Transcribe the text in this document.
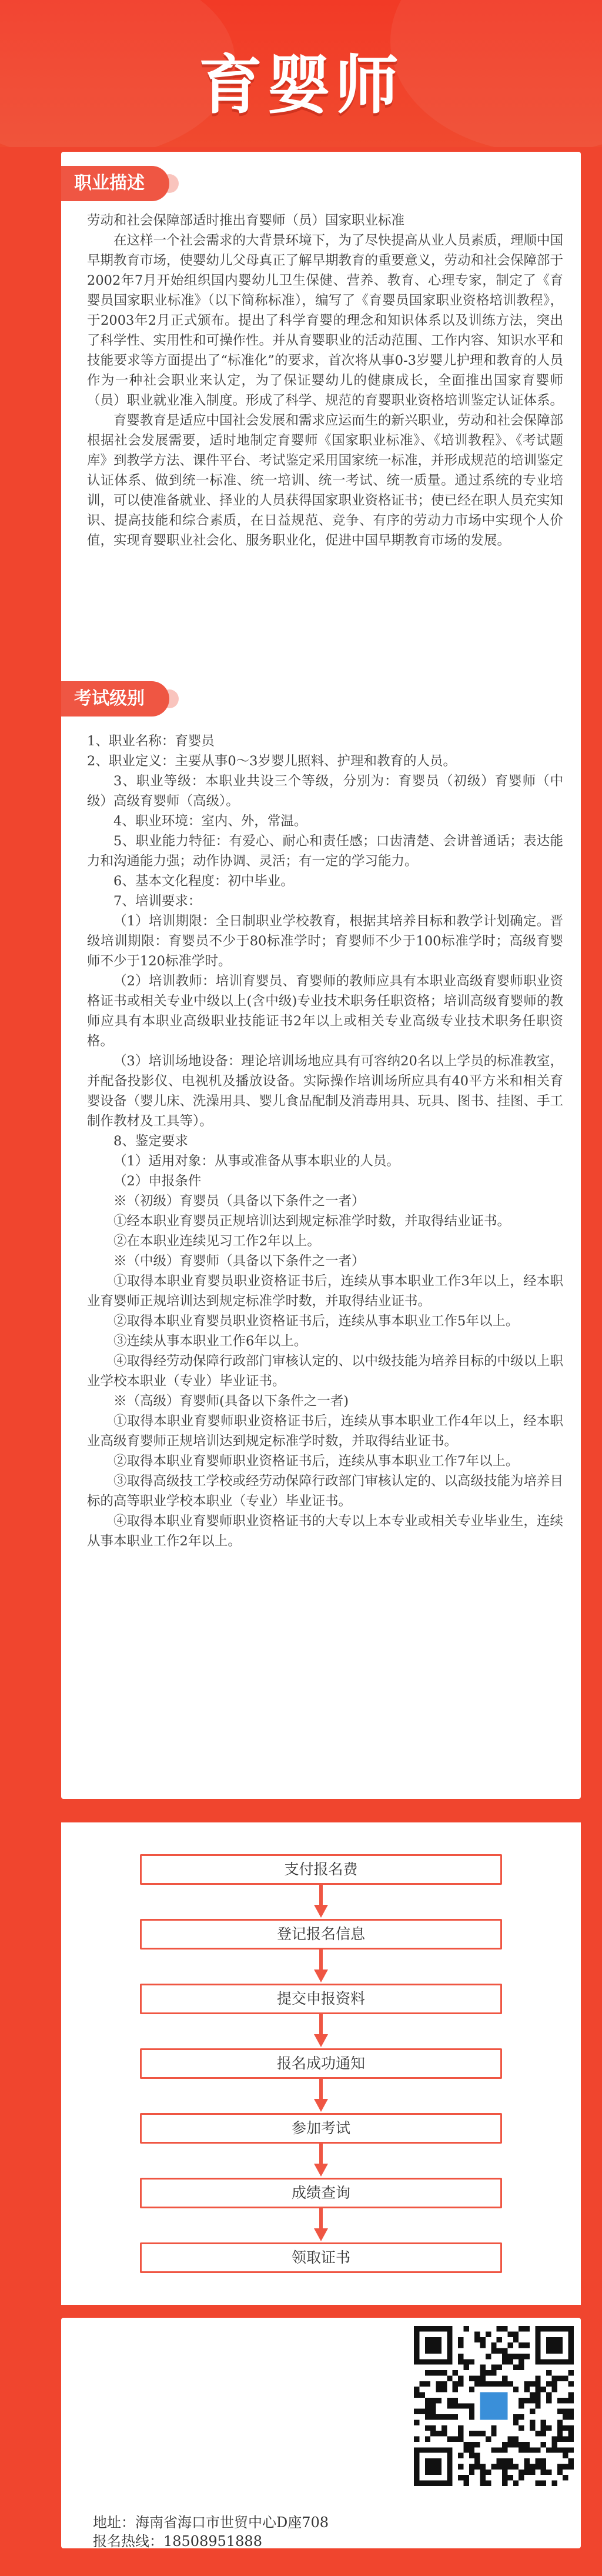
育婴师
职业描述

劳动和社会保障部适时推出育婴师（员）国家职业标准

在这样一个社会需求的大背景环境下，为了尽快提高从业人员素质，理顺中国早期教育市场，使婴幼儿父母真正了解早期教育的重要意义，劳动和社会保障部于2002年7月开始组织国内婴幼儿卫生保健、营养、教育、心理专家，制定了《育婴员国家职业标准》（以下简称标准），编写了《育婴员国家职业资格培训教程》，于2003年2月正式颁布。提出了科学育婴的理念和知识体系以及训练方法，突出了科学性、实用性和可操作性。并从育婴职业的活动范围、工作内容、知识水平和技能要求等方面提出了“标准化”的要求，首次将从事0-3岁婴儿护理和教育的人员作为一种社会职业来认定，为了保证婴幼儿的健康成长，全面推出国家育婴师（员）职业就业准入制度。形成了科学、规范的育婴职业资格培训鉴定认证体系。

育婴教育是适应中国社会发展和需求应运而生的新兴职业，劳动和社会保障部根据社会发展需要，适时地制定育婴师《国家职业标准》、《培训教程》、《考试题库》到教学方法、课件平台、考试鉴定采用国家统一标准，并形成规范的培训鉴定认证体系、做到统一标准、统一培训、统一考试、统一质量。通过系统的专业培训，可以使准备就业、择业的人员获得国家职业资格证书；使已经在职人员充实知识、提高技能和综合素质，在日益规范、竞争、有序的劳动力市场中实现个人价值，实现育婴职业社会化、服务职业化，促进中国早期教育市场的发展。

考试级别

1、职业名称：育婴员

2、职业定义：主要从事0～3岁婴儿照料、护理和教育的人员。

3、职业等级：本职业共设三个等级，分别为：育婴员（初级）育婴师（中级）高级育婴师（高级）。

4、职业环境：室内、外，常温。

5、职业能力特征：有爱心、耐心和责任感；口齿清楚、会讲普通话；表达能力和沟通能力强；动作协调、灵活；有一定的学习能力。

6、基本文化程度：初中毕业。

7、培训要求：

（1）培训期限：全日制职业学校教育，根据其培养目标和教学计划确定。晋级培训期限：育婴员不少于80标准学时；育婴师不少于100标准学时；高级育婴师不少于120标准学时。

（2）培训教师：培训育婴员、育婴师的教师应具有本职业高级育婴师职业资格证书或相关专业中级以上(含中级)专业技术职务任职资格；培训高级育婴师的教师应具有本职业高级职业技能证书2年以上或相关专业高级专业技术职务任职资格。

（3）培训场地设备：理论培训场地应具有可容纳20名以上学员的标准教室，并配备投影仪、电视机及播放设备。实际操作培训场所应具有40平方米和相关育婴设备（婴儿床、洗澡用具、婴儿食品配制及消毒用具、玩具、图书、挂图、手工制作教材及工具等）。

8、鉴定要求

（1）适用对象：从事或准备从事本职业的人员。

（2）申报条件

※（初级）育婴员（具备以下条件之一者）

①经本职业育婴员正规培训达到规定标准学时数，并取得结业证书。

②在本职业连续见习工作2年以上。

※（中级）育婴师（具备以下条件之一者）

①取得本职业育婴员职业资格证书后，连续从事本职业工作3年以上，经本职业育婴师正规培训达到规定标准学时数，并取得结业证书。

②取得本职业育婴员职业资格证书后，连续从事本职业工作5年以上。

③连续从事本职业工作6年以上。

④取得经劳动保障行政部门审核认定的、以中级技能为培养目标的中级以上职业学校本职业（专业）毕业证书。

※（高级）育婴师(具备以下条件之一者)

①取得本职业育婴师职业资格证书后，连续从事本职业工作4年以上，经本职业高级育婴师正规培训达到规定标准学时数，并取得结业证书。

②取得本职业育婴师职业资格证书后，连续从事本职业工作7年以上。

③取得高级技工学校或经劳动保障行政部门审核认定的、以高级技能为培养目标的高等职业学校本职业（专业）毕业证书。

④取得本职业育婴师职业资格证书的大专以上本专业或相关专业毕业生，连续从事本职业工作2年以上。

支付报名费
登记报名信息
提交申报资料
报名成功通知
参加考试
成绩查询
领取证书
地址：海南省海口市世贸中心D座708
报名热线：18508951888
